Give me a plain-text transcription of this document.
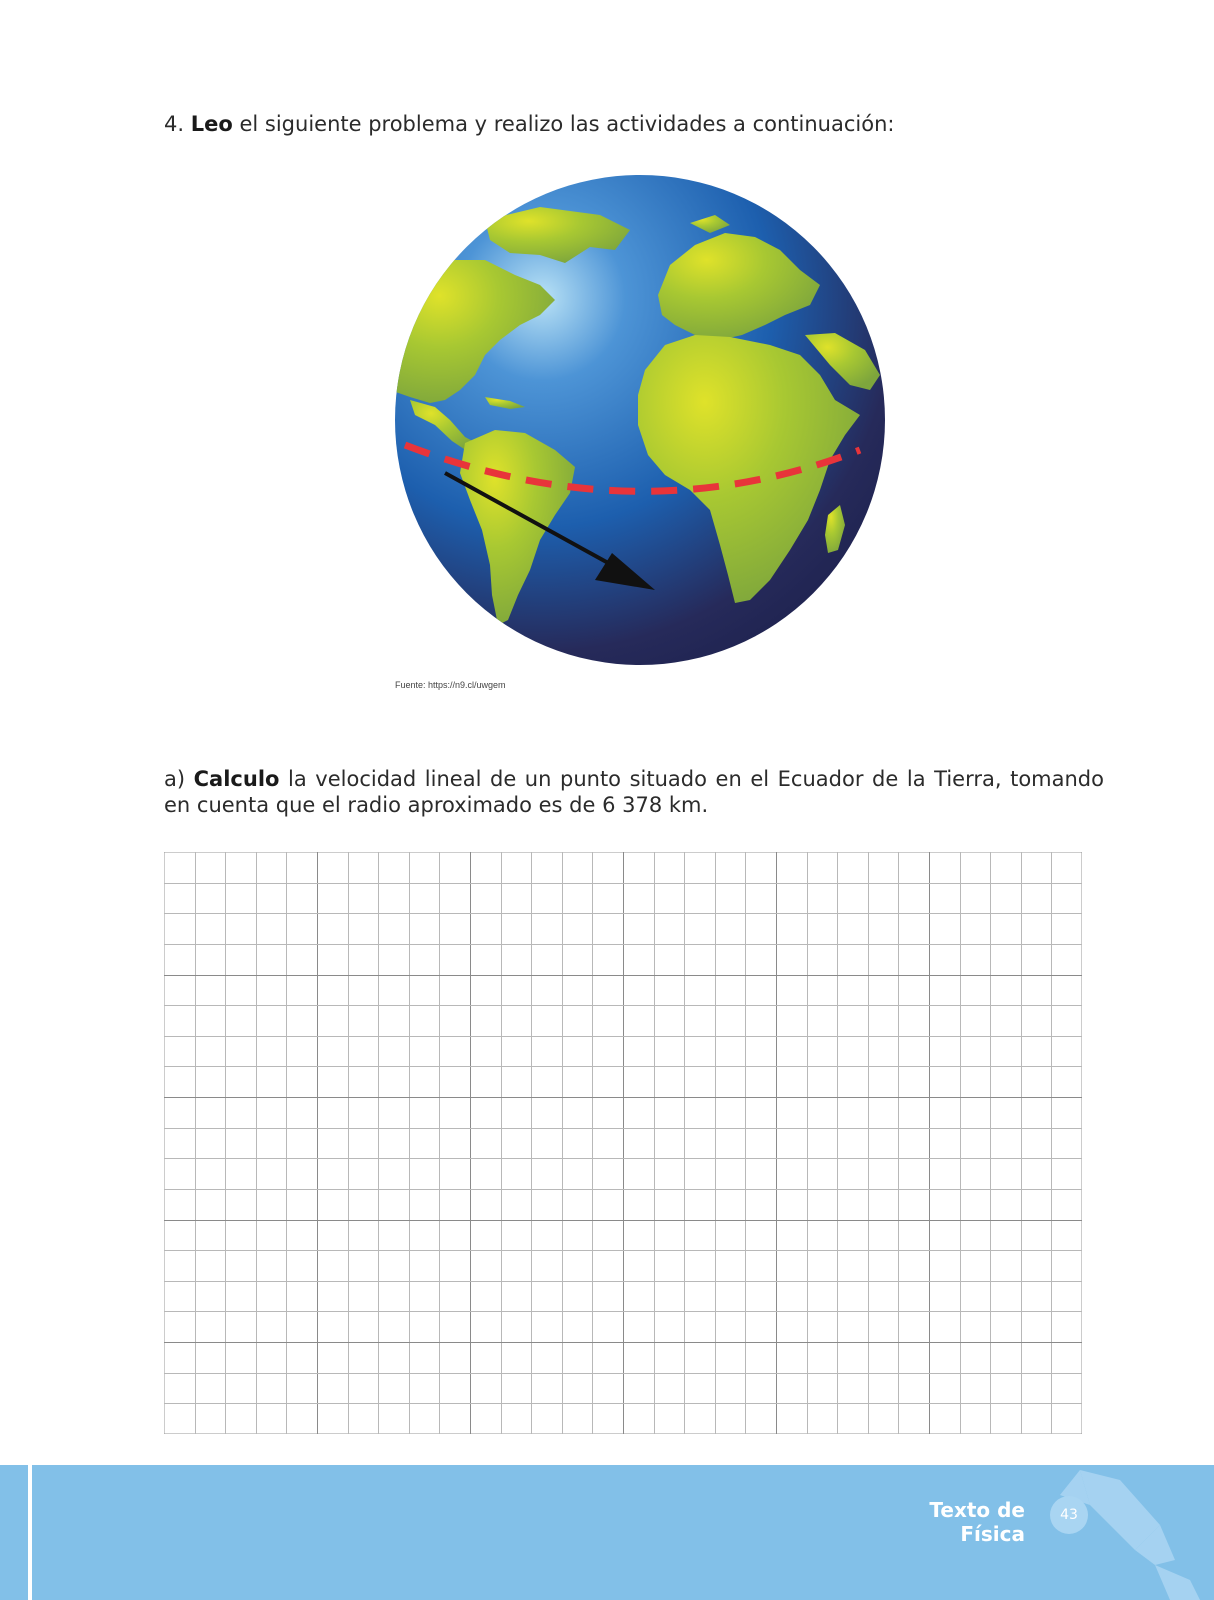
4. Leo el siguiente problema y realizo las actividades a continuación:
Fuente: https://n9.cl/uwgem
a) Calculo la velocidad lineal de un punto situado en el Ecuador de la Tierra, tomando en cuenta que el radio aproximado es de 6 378 km.
Texto de Física
43
